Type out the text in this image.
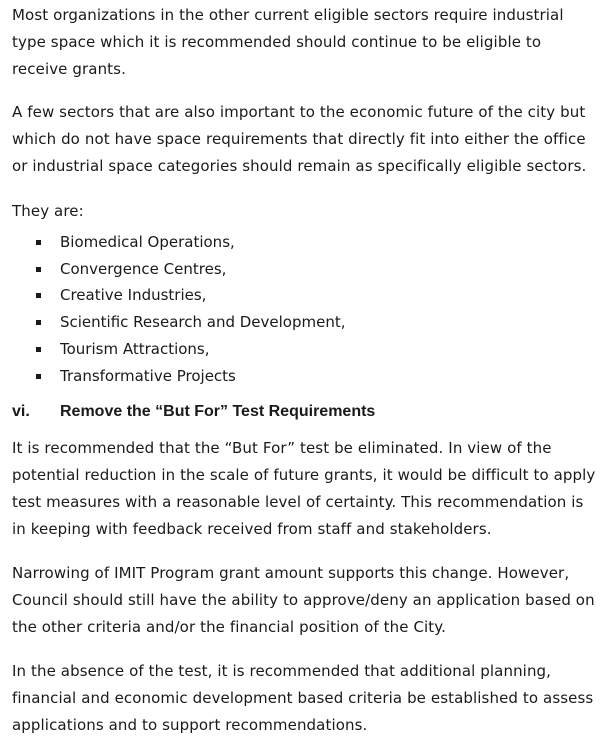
Most organizations in the other current eligible sectors require industrial
type space which it is recommended should continue to be eligible to
receive grants.

A few sectors that are also important to the economic future of the city but
which do not have space requirements that directly fit into either the office
or industrial space categories should remain as specifically eligible sectors.

They are:

Biomedical Operations,
Convergence Centres,
Creative Industries,
Scientific Research and Development,
Tourism Attractions,
Transformative Projects
vi.	Remove the “But For” Test Requirements

It is recommended that the “But For” test be eliminated. In view of the
potential reduction in the scale of future grants, it would be difficult to apply
test measures with a reasonable level of certainty. This recommendation is
in keeping with feedback received from staff and stakeholders.

Narrowing of IMIT Program grant amount supports this change. However,
Council should still have the ability to approve/deny an application based on
the other criteria and/or the financial position of the City.

In the absence of the test, it is recommended that additional planning,
financial and economic development based criteria be established to assess
applications and to support recommendations.
